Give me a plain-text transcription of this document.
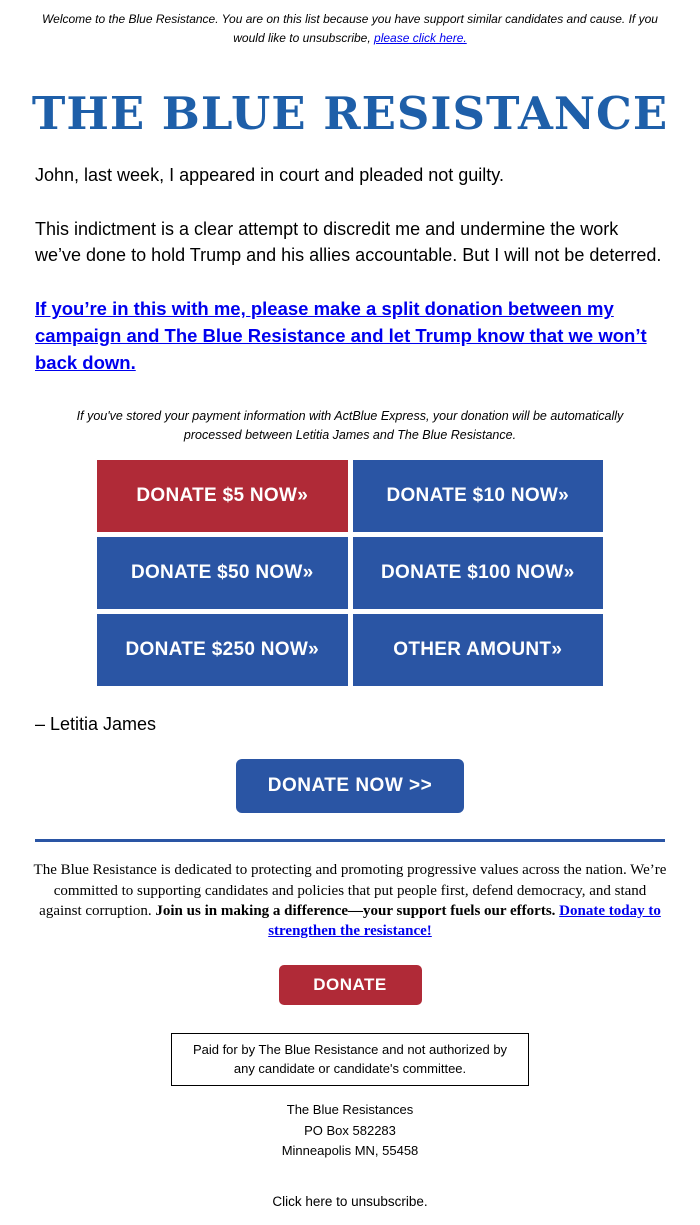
Welcome to the Blue Resistance. You are on this list because you have support similar candidates and cause. If you would like to unsubscribe, please click here.
THE BLUE RESISTANCE

John, last week, I appeared in court and pleaded not guilty.

This indictment is a clear attempt to discredit me and undermine the work we’ve done to hold Trump and his allies accountable. But I will not be deterred.

If you’re in this with me, please make a split donation between my campaign and The Blue Resistance and let Trump know that we won’t back down.

If you've stored your payment information with ActBlue Express, your donation will be automatically processed between Letitia James and The Blue Resistance.
DONATE $5 NOW»	DONATE $10 NOW»
DONATE $50 NOW»	DONATE $100 NOW»
DONATE $250 NOW»	OTHER AMOUNT»
– Letitia James
DONATE NOW >>
The Blue Resistance is dedicated to protecting and promoting progressive values across the nation. We’re committed to supporting candidates and policies that put people first, defend democracy, and stand against corruption. Join us in making a difference—your support fuels our efforts. Donate today to strengthen the resistance!
DONATE
Paid for by The Blue Resistance and not authorized by any candidate or candidate's committee.
The Blue Resistances
PO Box 582283
Minneapolis MN, 55458
Click here to unsubscribe.
